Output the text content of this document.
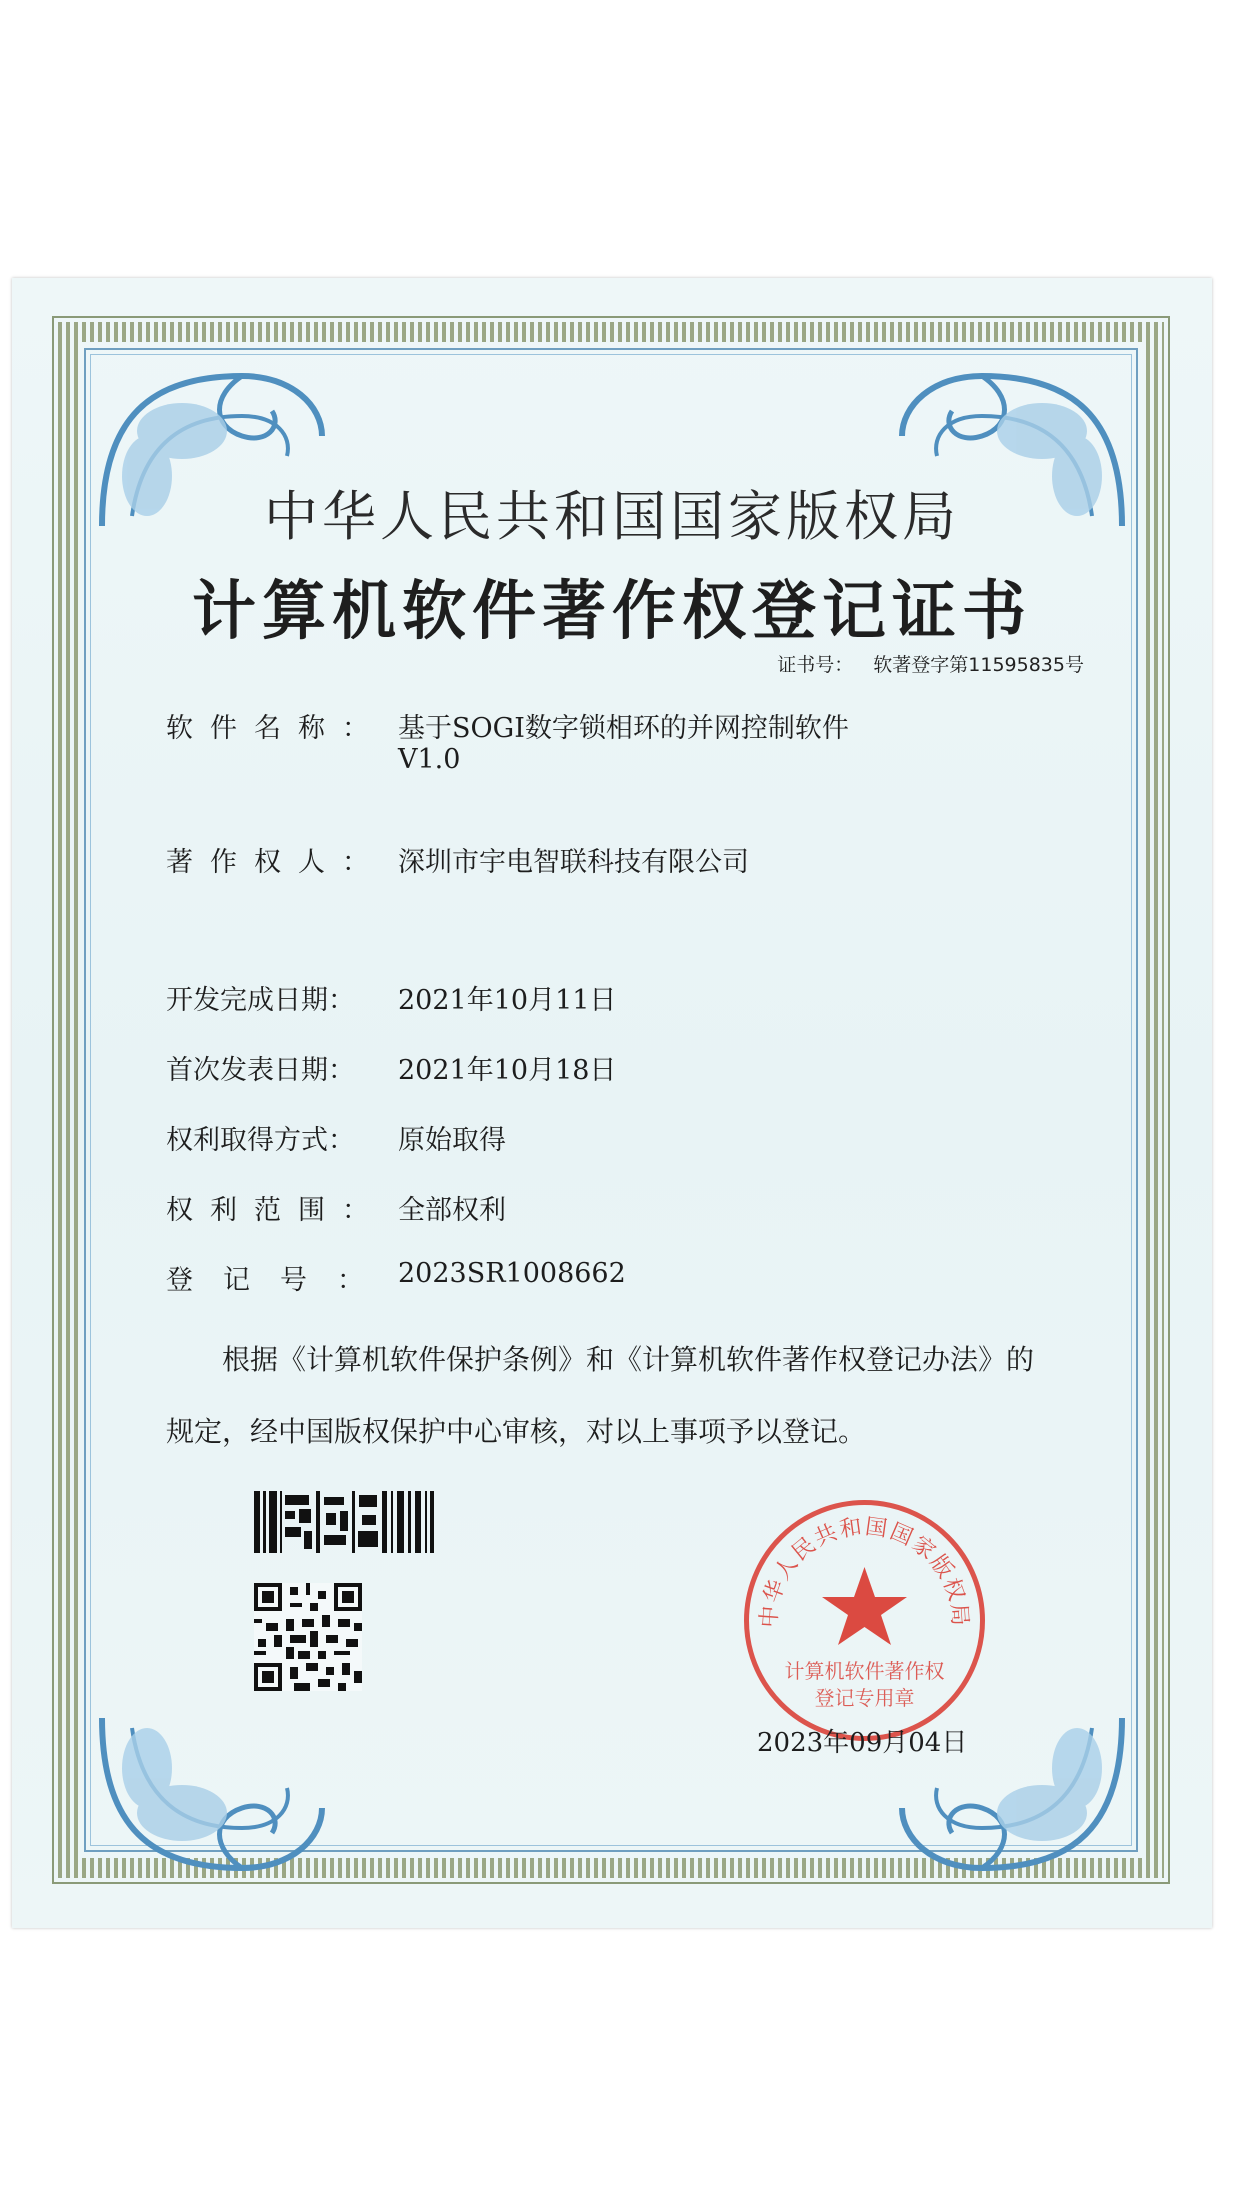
中华人民共和国国家版权局
计算机软件著作权登记证书
证书号： 软著登字第11595835号
软件名称： 基于SOGI数字锁相环的并网控制软件
V1.0
著作权人： 深圳市宇电智联科技有限公司
开发完成日期：	2021年10月11日
首次发表日期：	2021年10月18日
权利取得方式：	原始取得
权利范围： 全部权利
登记号： 2023SR1008662
根据《计算机软件保护条例》和《计算机软件著作权登记办法》的
规定，经中国版权保护中心审核，对以上事项予以登记。
中华人民共和国国家版权局
计算机软件著作权
登记专用章
2023年09月04日
